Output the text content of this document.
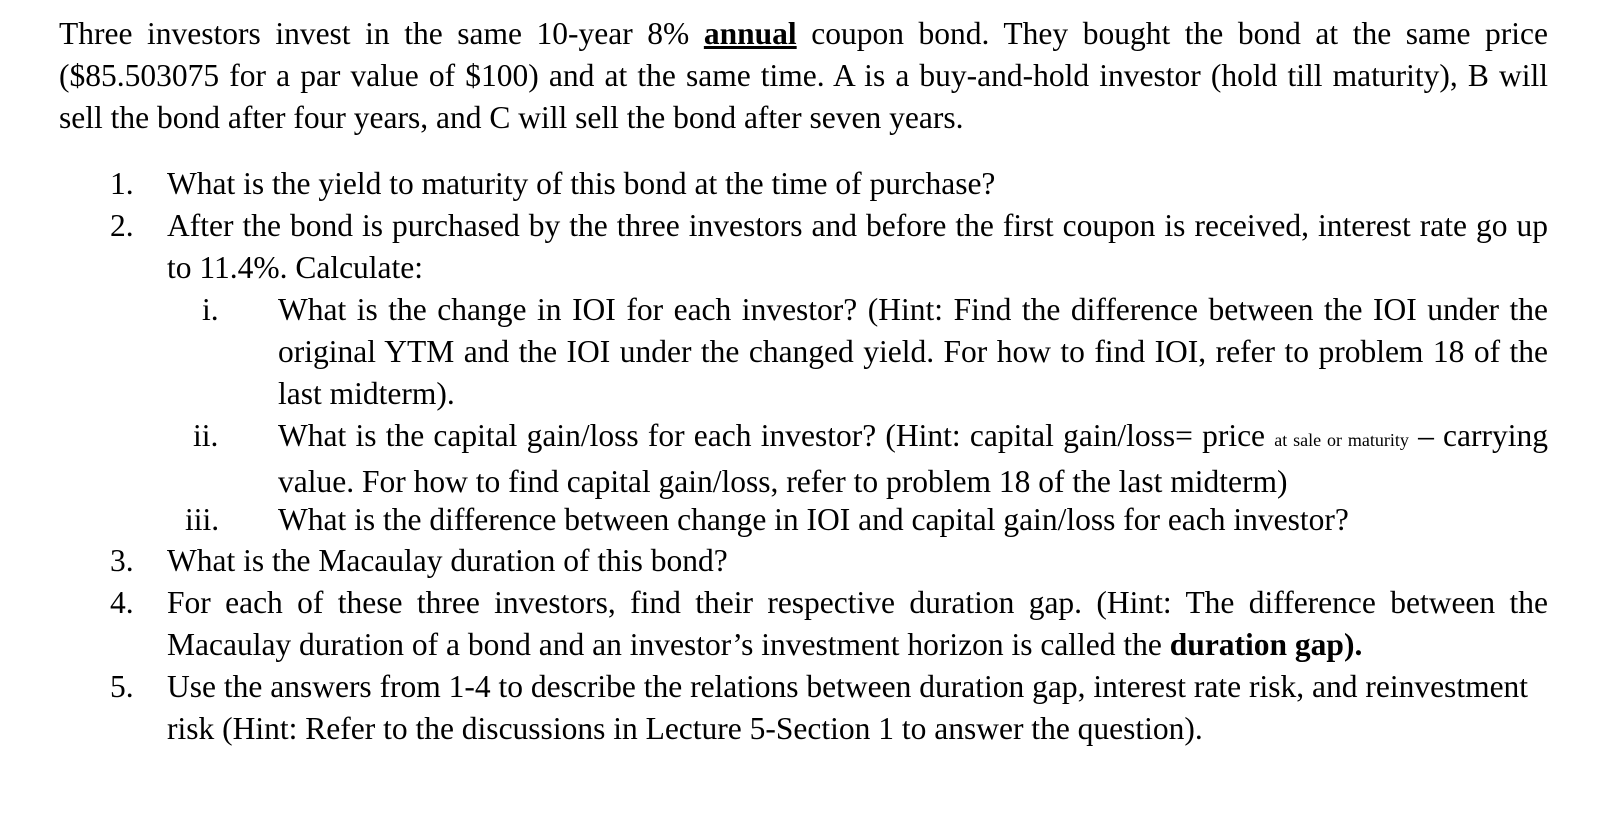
Three investors invest in the same 10-year 8% annual coupon bond. They bought the bond at the same price ($85.503075 for a par value of $100) and at the same time. A is a buy-and-hold investor (hold till maturity), B will sell the bond after four years, and C will sell the bond after seven years.

1. What is the yield to maturity of this bond at the time of purchase?
2. After the bond is purchased by the three investors and before the first coupon is received, interest rate go up to 11.4%. Calculate:
i. What is the change in IOI for each investor? (Hint: Find the difference between the IOI under the original YTM and the IOI under the changed yield. For how to find IOI, refer to problem 18 of the last midterm).
ii. What is the capital gain/loss for each investor? (Hint: capital gain/loss= price at sale or maturity – carrying value. For how to find capital gain/loss, refer to problem 18 of the last midterm)
iii. What is the difference between change in IOI and capital gain/loss for each investor?
3. What is the Macaulay duration of this bond?
4. For each of these three investors, find their respective duration gap. (Hint: The difference between the Macaulay duration of a bond and an investor’s investment horizon is called the duration gap).
5. Use the answers from 1-4 to describe the relations between duration gap, interest rate risk, and reinvestment risk (Hint: Refer to the discussions in Lecture 5-Section 1 to answer the question).
